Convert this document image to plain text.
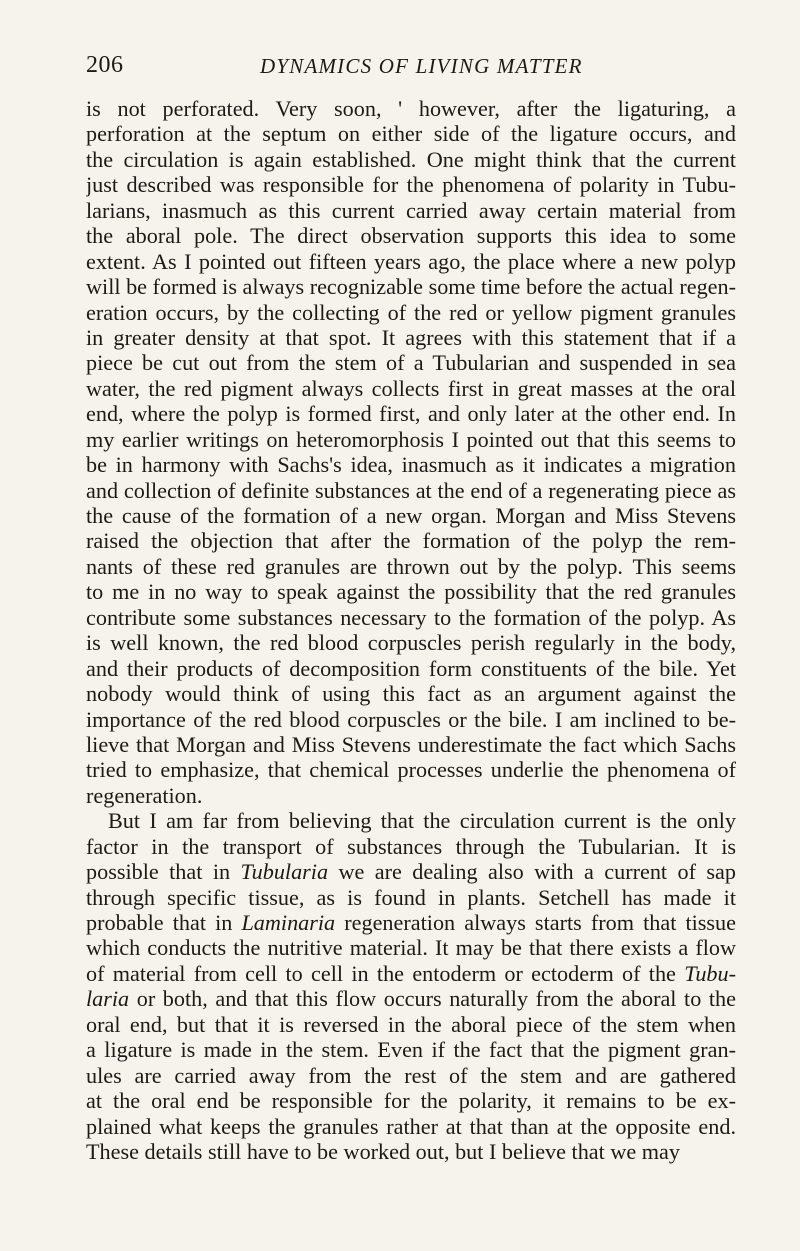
206	DYNAMICS OF LIVING MATTER
is not perforated. Very soon, ' however, after the ligaturing, a
perforation at the septum on either side of the ligature occurs, and
the circulation is again established. One might think that the current
just described was responsible for the phenomena of polarity in Tubu-
larians, inasmuch as this current carried away certain material from
the aboral pole. The direct observation supports this idea to some
extent. As I pointed out fifteen years ago, the place where a new polyp
will be formed is always recognizable some time before the actual regen-
eration occurs, by the collecting of the red or yellow pigment granules
in greater density at that spot. It agrees with this statement that if a
piece be cut out from the stem of a Tubularian and suspended in sea
water, the red pigment always collects first in great masses at the oral
end, where the polyp is formed first, and only later at the other end. In
my earlier writings on heteromorphosis I pointed out that this seems to
be in harmony with Sachs's idea, inasmuch as it indicates a migration
and collection of definite substances at the end of a regenerating piece as
the cause of the formation of a new organ. Morgan and Miss Stevens
raised the objection that after the formation of the polyp the rem-
nants of these red granules are thrown out by the polyp. This seems
to me in no way to speak against the possibility that the red granules
contribute some substances necessary to the formation of the polyp. As
is well known, the red blood corpuscles perish regularly in the body,
and their products of decomposition form constituents of the bile. Yet
nobody would think of using this fact as an argument against the
importance of the red blood corpuscles or the bile. I am inclined to be-
lieve that Morgan and Miss Stevens underestimate the fact which Sachs
tried to emphasize, that chemical processes underlie the phenomena of
regeneration.
But I am far from believing that the circulation current is the only
factor in the transport of substances through the Tubularian. It is
possible that in Tubularia we are dealing also with a current of sap
through specific tissue, as is found in plants. Setchell has made it
probable that in Laminaria regeneration always starts from that tissue
which conducts the nutritive material. It may be that there exists a flow
of material from cell to cell in the entoderm or ectoderm of the Tubu-
laria or both, and that this flow occurs naturally from the aboral to the
oral end, but that it is reversed in the aboral piece of the stem when
a ligature is made in the stem. Even if the fact that the pigment gran-
ules are carried away from the rest of the stem and are gathered
at the oral end be responsible for the polarity, it remains to be ex-
plained what keeps the granules rather at that than at the opposite end.
These details still have to be worked out, but I believe that we may
